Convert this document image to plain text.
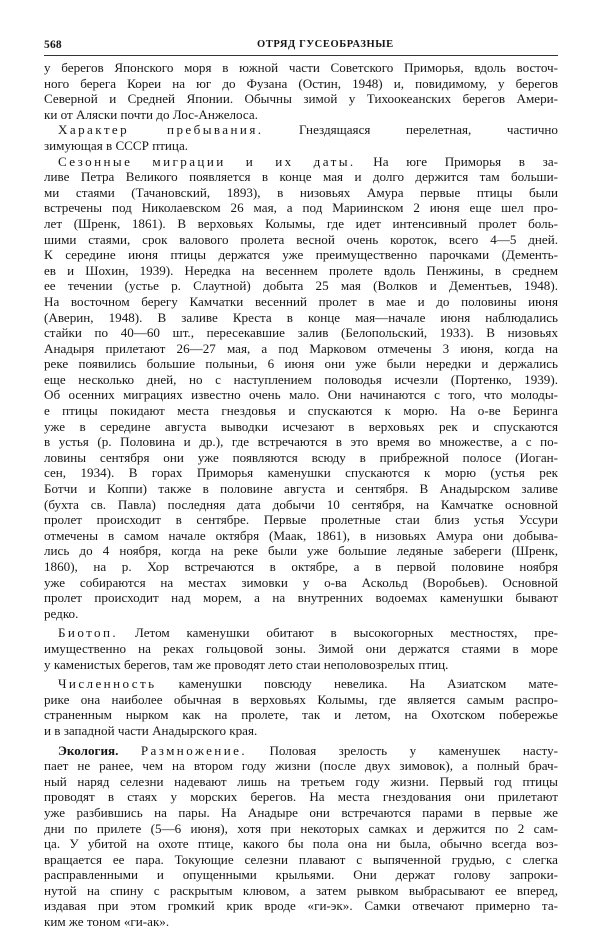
568	ОТРЯД ГУСЕОБРАЗНЫЕ
у берегов Японского моря в южной части Советского Приморья, вдоль восточ-
ного берега Кореи на юг до Фузана (Остин, 1948) и, повидимому, у берегов
Северной и Средней Японии. Обычны зимой у Тихоокеанских берегов Амери-
ки от Аляски почти до Лос-Анжелоса.
Характер пребывания. Гнездящаяся перелетная, частично
зимующая в СССР птица.
Сезонные миграции и их даты. На юге Приморья в за-
ливе Петра Великого появляется в конце мая и долго держится там больши-
ми стаями (Тачановский, 1893), в низовьях Амура первые птицы были
встречены под Николаевском 26 мая, а под Мариинском 2 июня еще шел про-
лет (Шренк, 1861). В верховьях Колымы, где идет интенсивный пролет боль-
шими стаями, срок валового пролета весной очень короток, всего 4—5 дней.
К середине июня птицы держатся уже преимущественно парочками (Дементь-
ев и Шохин, 1939). Нередка на весеннем пролете вдоль Пенжины, в среднем
ее течении (устье р. Слаутной) добыта 25 мая (Волков и Дементьев, 1948).
На восточном берегу Камчатки весенний пролет в мае и до половины июня
(Аверин, 1948). В заливе Креста в конце мая—начале июня наблюдались
стайки по 40—60 шт., пересекавшие залив (Белопольский, 1933). В низовьях
Анадыря прилетают 26—27 мая, а под Марковом отмечены 3 июня, когда на
реке появились большие полыньи, 6 июня они уже были нередки и держались
еще несколько дней, но с наступлением половодья исчезли (Портенко, 1939).
Об осенних миграциях известно очень мало. Они начинаются с того, что молоды-
е птицы покидают места гнездовья и спускаются к морю. На о-ве Беринга
уже в середине августа выводки исчезают в верховьях рек и спускаются
в устья (р. Половина и др.), где встречаются в это время во множестве, а с по-
ловины сентября они уже появляются всюду в прибрежной полосе (Иоган-
сен, 1934). В горах Приморья каменушки спускаются к морю (устья рек
Ботчи и Коппи) также в половине августа и сентября. В Анадырском заливе
(бухта св. Павла) последняя дата добычи 10 сентября, на Камчатке основной
пролет происходит в сентябре. Первые пролетные стаи близ устья Уссури
отмечены в самом начале октября (Маак, 1861), в низовьях Амура они добыва-
лись до 4 ноября, когда на реке были уже большие ледяные забереги (Шренк,
1860), на р. Хор встречаются в октябре, а в первой половине ноября
уже собираются на местах зимовки у о-ва Аскольд (Воробьев). Основной
пролет происходит над морем, а на внутренних водоемах каменушки бывают
редко.
Биотоп. Летом каменушки обитают в высокогорных местностях, пре-
имущественно на реках гольцовой зоны. Зимой они держатся стаями в море
у каменистых берегов, там же проводят лето стаи неполовозрелых птиц.
Численность каменушки повсюду невелика. На Азиатском мате-
рике она наиболее обычная в верховьях Колымы, где является самым распро-
страненным нырком как на пролете, так и летом, на Охотском побережье
и в западной части Анадырского края.
Экология. Размножение. Половая зрелость у каменушек насту-
пает не ранее, чем на втором году жизни (после двух зимовок), а полный брач-
ный наряд селезни надевают лишь на третьем году жизни. Первый год птицы
проводят в стаях у морских берегов. На места гнездования они прилетают
уже разбившись на пары. На Анадыре они встречаются парами в первые же
дни по прилете (5—6 июня), хотя при некоторых самках и держится по 2 сам-
ца. У убитой на охоте птице, какого бы пола она ни была, обычно всегда воз-
вращается ее пара. Токующие селезни плавают с выпяченной грудью, с слегка
расправленными и опущенными крыльями. Они держат голову запроки-
нутой на спину с раскрытым клювом, а затем рывком выбрасывают ее вперед,
издавая при этом громкий крик вроде «ги-эк». Самки отвечают примерно та-
ким же тоном «ги-ак».
